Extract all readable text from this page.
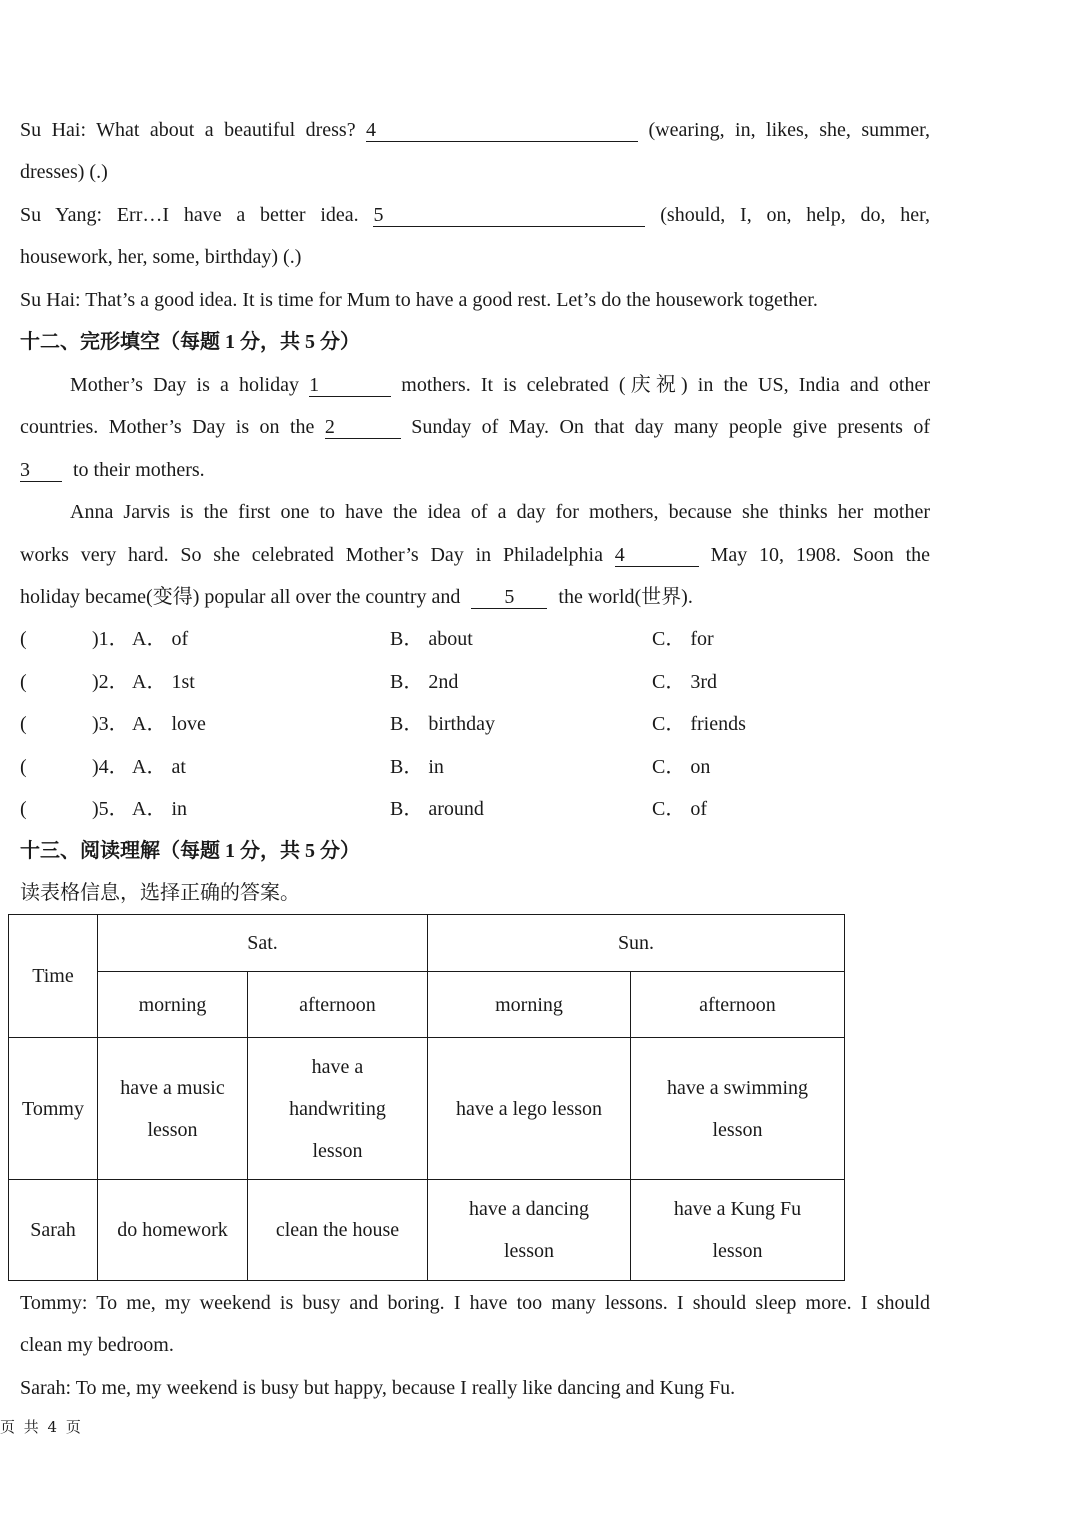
Su Hai: What about a beautiful dress? 4	(wearing, in, likes, she, summer,
dresses) (.)
Su Yang: Err…I have a better idea. 5	(should, I, on, help, do, her,
housework, her, some, birthday) (.)
Su Hai: That’s a good idea. It is time for Mum to have a good rest. Let’s do the housework together.
十二、完形填空（每题 1 分，共 5 分）
Mother’s Day is a holiday 1	mothers. It is celebrated (庆祝) in the US, India and other
countries. Mother’s Day is on the 2	Sunday of May. On that day many people give presents of
3 to their mothers.
Anna Jarvis is the first one to have the idea of a day for mothers, because she thinks her mother
works very hard. So she celebrated Mother’s Day in Philadelphia 4	May 10, 1908. Soon the
holiday became(变得) popular all over the country and 5 the world(世界).
(	)1． A． of	B． about	C． for
(	)2． A． 1st	B． 2nd	C． 3rd
(	)3． A． love	B． birthday	C． friends
(	)4． A． at	B． in	C． on
(	)5． A． in	B． around	C． of
十三、阅读理解（每题 1 分，共 5 分）
读表格信息，选择正确的答案。
Time	Sat.		Sun.	
	morning	afternoon	morning	afternoon
Tommy	have a music lesson	have a handwriting lesson	have a lego lesson	have a swimming lesson
Sarah	do homework	clean the house	have a dancing lesson	have a Kung Fu lesson
Tommy: To me, my weekend is busy and boring. I have too many lessons. I should sleep more. I should
clean my bedroom.
Sarah: To me, my weekend is busy but happy, because I really like dancing and Kung Fu.
页 共 4 页
